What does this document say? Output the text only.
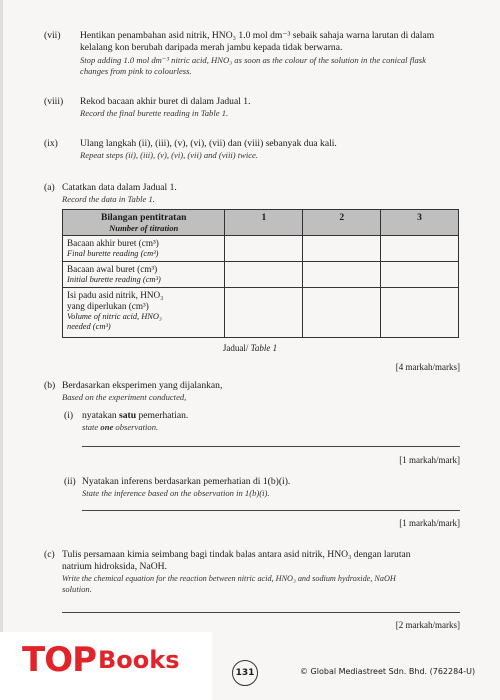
(vii) Hentikan penambahan asid nitrik, HNO₃ 1.0 mol dm⁻³ sebaik sahaja warna larutan di dalam
kelalang kon berubah daripada merah jambu kepada tidak berwarna.
Stop adding 1.0 mol dm⁻³ nitric acid, HNO₃ as soon as the colour of the solution in the conical flask
changes from pink to colourless.
(viii) Rekod bacaan akhir buret di dalam Jadual 1.
Record the final burette reading in Table 1.
(ix) Ulang langkah (ii), (iii), (v), (vi), (vii) dan (viii) sebanyak dua kali.
Repeat steps (ii), (iii), (v), (vi), (vii) and (viii) twice.
(a) Catatkan data dalam Jadual 1.
Record the data in Table 1.
Bilangan pentitratan
Number of titration	1	2	3

Bacaan akhir buret (cm³)
Final burette reading (cm³)			

Bacaan awal buret (cm³)
Initial burette reading (cm³)			

Isi padu asid nitrik, HNO₃
yang diperlukan (cm³)
Volume of nitric acid, HNO₃
needed (cm³)			

Jadual/ Table 1
[4 markah/marks]
(b) Berdasarkan eksperimen yang dijalankan,
Based on the experiment conducted,
(i) nyatakan satu pemerhatian.
state one observation.
[1 markah/mark]
(ii) Nyatakan inferens berdasarkan pemerhatian di 1(b)(i).
State the inference based on the observation in 1(b)(i).
[1 markah/mark]
(c) Tulis persamaan kimia seimbang bagi tindak balas antara asid nitrik, HNO₃ dengan larutan
natrium hidroksida, NaOH.
Write the chemical equation for the reaction between nitric acid, HNO₃ and sodium hydroxide, NaOH
solution.
[2 markah/marks]
TOP Books	131	© Global Mediastreet Sdn. Bhd. (762284-U)
